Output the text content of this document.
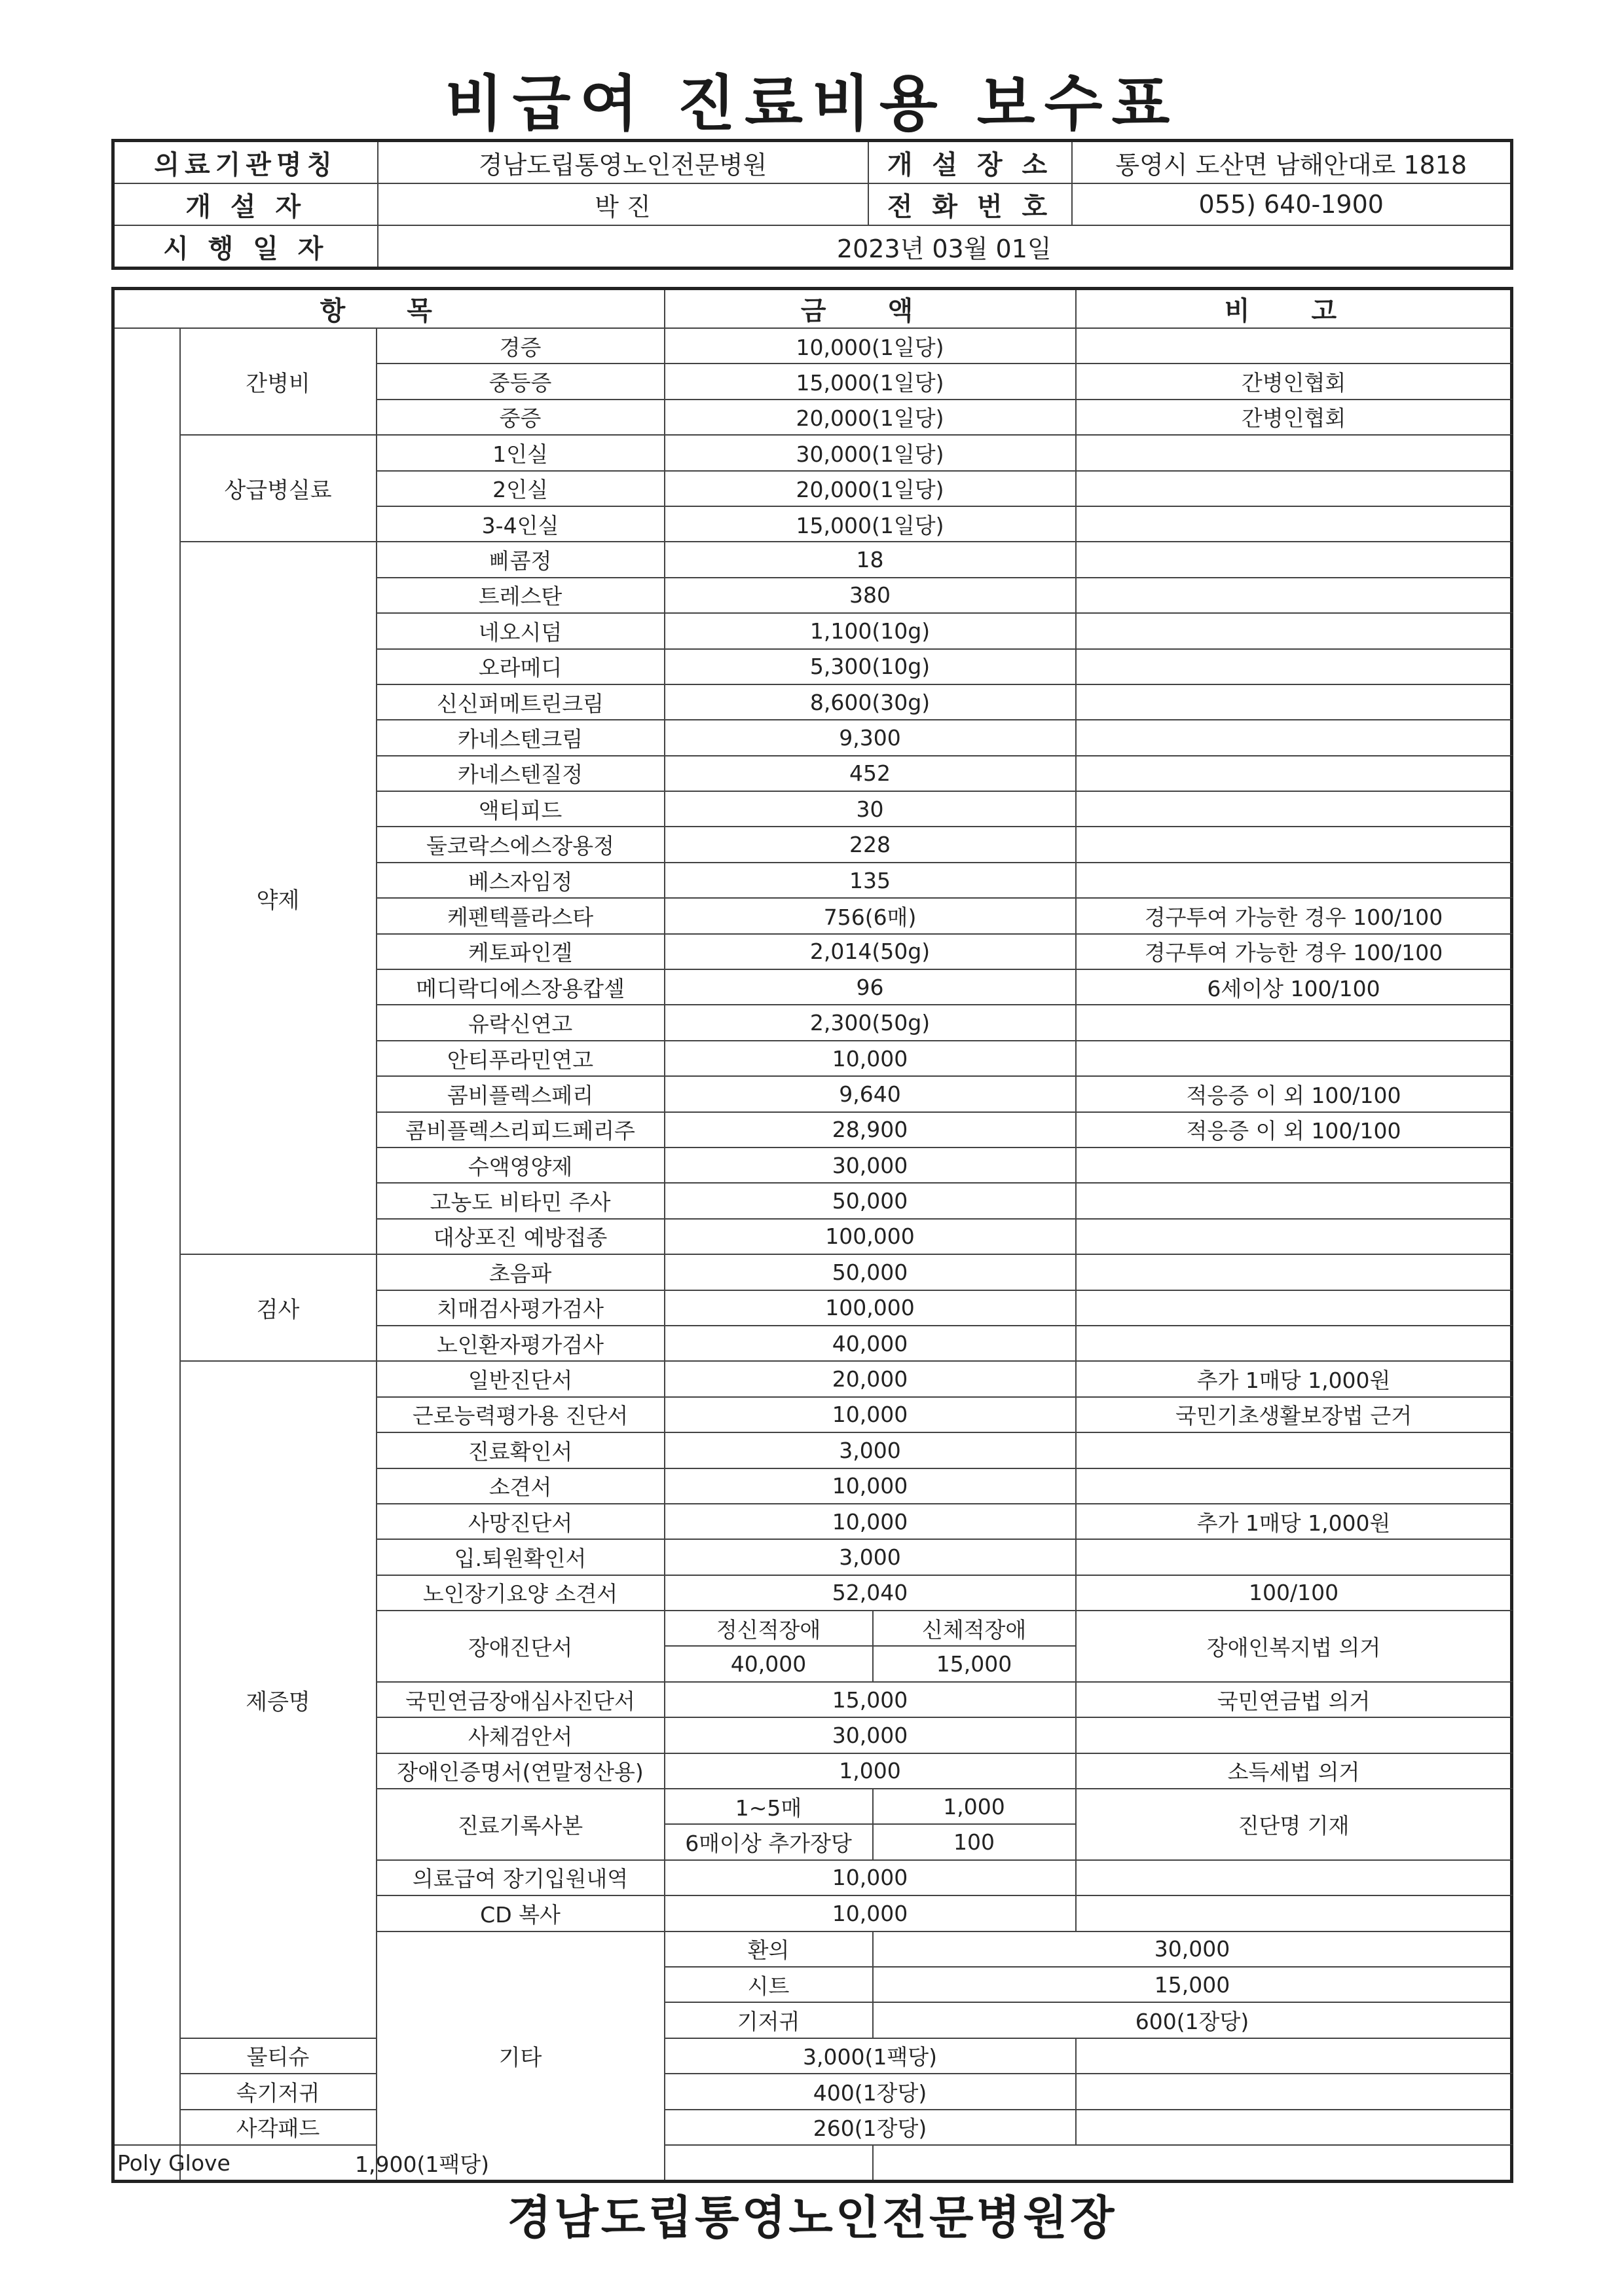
비급여 진료비용 보수표
의료기관명칭	경남도립통영노인전문병원	개 설 장 소	통영시 도산면 남해안대로 1818
개 설 자	박 진	전 화 번 호	055) 640-1900
시 행 일 자	2023년 03월 01일		
항 목			금 액		비 고	
	간병비	경증	10,000(1일당)			
		중등증	15,000(1일당)		간병인협회	
		중증	20,000(1일당)		간병인협회	
	상급병실료	1인실	30,000(1일당)			
		2인실	20,000(1일당)			
		3-4인실	15,000(1일당)			
	약제	삐콤정	18			
		트레스탄	380			
		네오시덤	1,100(10g)			
		오라메디	5,300(10g)			
		신신퍼메트린크림	8,600(30g)			
		카네스텐크림	9,300			
		카네스텐질정	452			
		액티피드	30			
		둘코락스에스장용정	228			
		베스자임정	135			
		케펜텍플라스타	756(6매)		경구투여 가능한 경우 100/100	
		케토파인겔	2,014(50g)		경구투여 가능한 경우 100/100	
		메디락디에스장용캅셀	96		6세이상 100/100	
		유락신연고	2,300(50g)			
		안티푸라민연고	10,000			
		콤비플렉스페리	9,640		적응증 이 외 100/100	
		콤비플렉스리피드페리주	28,900		적응증 이 외 100/100	
		수액영양제	30,000			
		고농도 비타민 주사	50,000			
		대상포진 예방접종	100,000			
	검사	초음파	50,000			
		치매검사평가검사	100,000			
		노인환자평가검사	40,000			
	제증명	일반진단서	20,000		추가 1매당 1,000원	
		근로능력평가용 진단서	10,000		국민기초생활보장법 근거	
		진료확인서	3,000			
		소견서	10,000			
		사망진단서	10,000		추가 1매당 1,000원	
		입.퇴원확인서	3,000			
		노인장기요양 소견서	52,040		100/100	
		장애진단서	정신적장애	신체적장애	장애인복지법 의거	
			40,000	15,000		
		국민연금장애심사진단서	15,000		국민연금법 의거	
		사체검안서	30,000			
		장애인증명서(연말정산용)	1,000		소득세법 의거	
		진료기록사본	1~5매	1,000	진단명 기재	
			6매이상 추가장당	100		
		의료급여 장기입원내역	10,000			
		CD 복사	10,000			
		기타	환의	30,000	
			시트	15,000		
			기저귀	600(1장당)		
	물티슈		3,000(1팩당)			
	속기저귀		400(1장당)			
	사각패드		260(1장당)			
Poly Glove	1,900(1팩당)					
경남도립통영노인전문병원장
